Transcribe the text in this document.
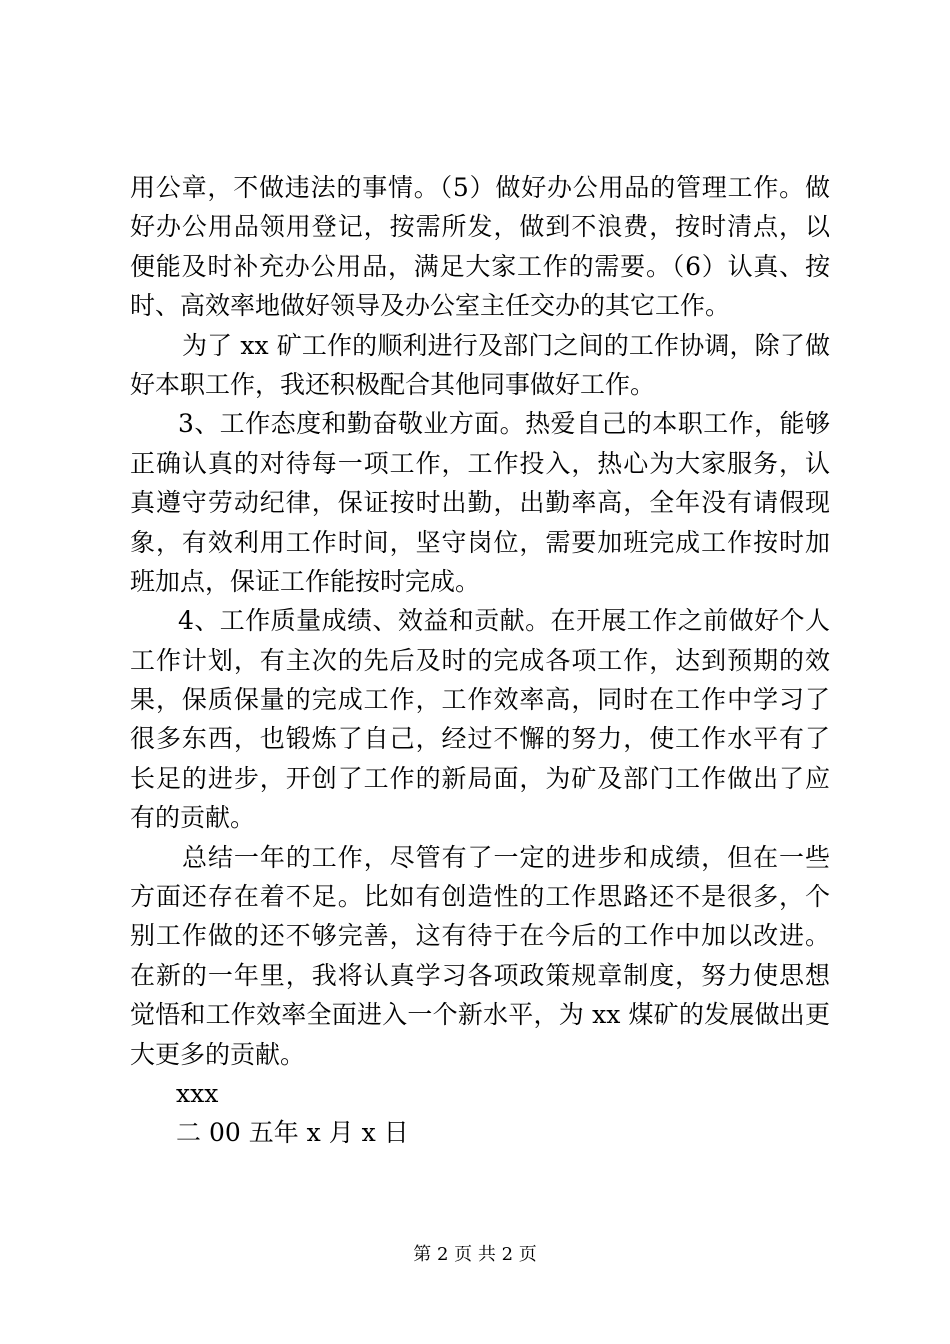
用公章，不做违法的事情。（5）做好办公用品的管理工作。做
好办公用品领用登记，按需所发，做到不浪费，按时清点，以
便能及时补充办公用品，满足大家工作的需要。（6）认真、按
时、高效率地做好领导及办公室主任交办的其它工作。
为了 xx 矿工作的顺利进行及部门之间的工作协调，除了做
好本职工作，我还积极配合其他同事做好工作。
3、工作态度和勤奋敬业方面。热爱自己的本职工作，能够
正确认真的对待每一项工作，工作投入，热心为大家服务，认
真遵守劳动纪律，保证按时出勤，出勤率高，全年没有请假现
象，有效利用工作时间，坚守岗位，需要加班完成工作按时加
班加点，保证工作能按时完成。
4、工作质量成绩、效益和贡献。在开展工作之前做好个人
工作计划，有主次的先后及时的完成各项工作，达到预期的效
果，保质保量的完成工作，工作效率高，同时在工作中学习了
很多东西，也锻炼了自己，经过不懈的努力，使工作水平有了
长足的进步，开创了工作的新局面，为矿及部门工作做出了应
有的贡献。
总结一年的工作，尽管有了一定的进步和成绩，但在一些
方面还存在着不足。比如有创造性的工作思路还不是很多，个
别工作做的还不够完善，这有待于在今后的工作中加以改进。
在新的一年里，我将认真学习各项政策规章制度，努力使思想
觉悟和工作效率全面进入一个新水平，为 xx 煤矿的发展做出更
大更多的贡献。
xxx
二 00 五年 x 月 x 日
第 2 页 共 2 页
